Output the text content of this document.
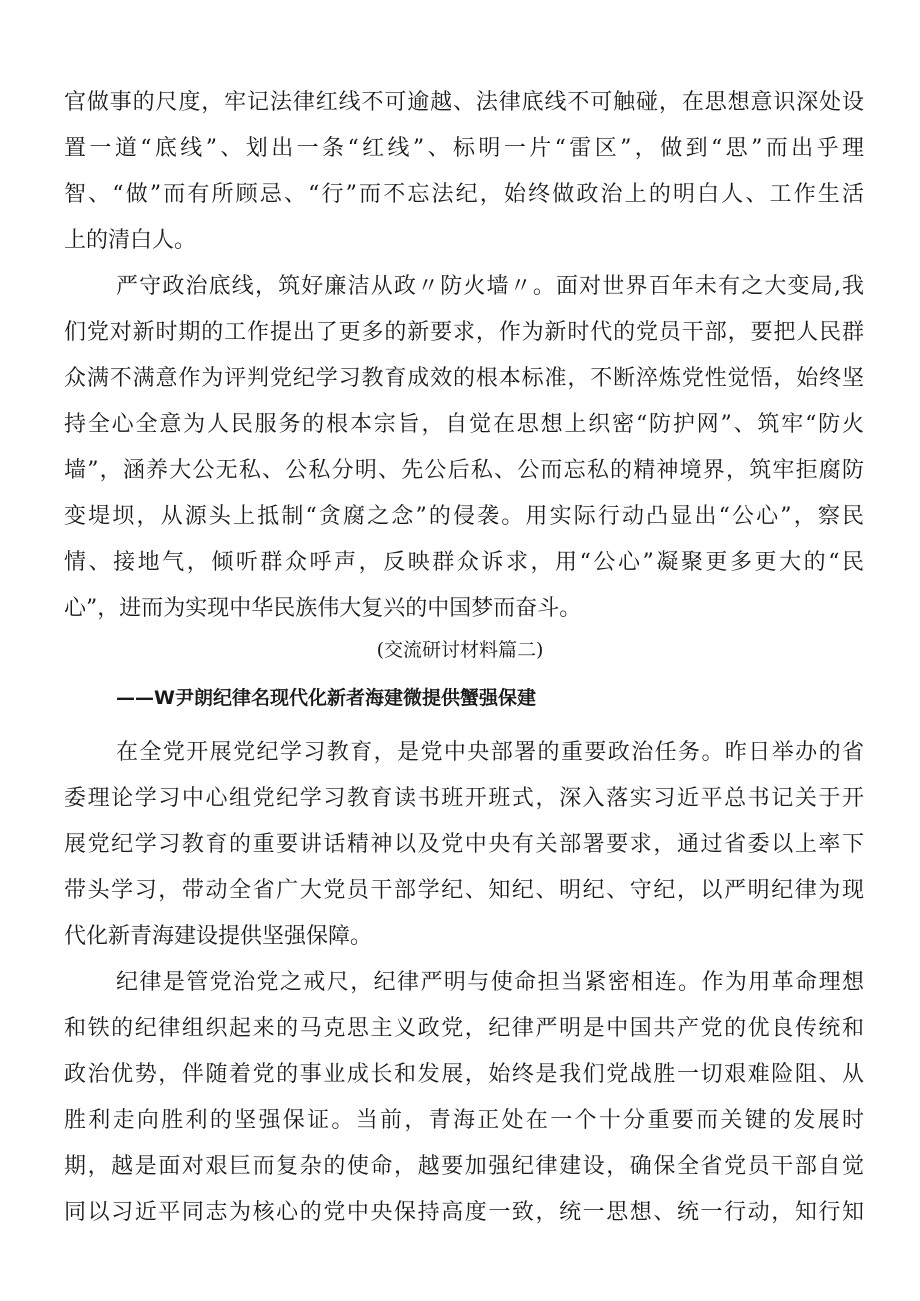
官做事的尺度，牢记法律红线不可逾越、法律底线不可触碰，在思想意识深处设
置一道“底线”、划出一条“红线”、标明一片“雷区”，做到“思”而出乎理
智、“做”而有所顾忌、“行”而不忘法纪，始终做政治上的明白人、工作生活
上的清白人。
严守政治底线，筑好廉洁从政〃防火墙〃。面对世界百年未有之大变局,我
们党对新时期的工作提出了更多的新要求，作为新时代的党员干部，要把人民群
众满不满意作为评判党纪学习教育成效的根本标准，不断淬炼党性觉悟，始终坚
持全心全意为人民服务的根本宗旨，自觉在思想上织密“防护网”、筑牢“防火
墙”，涵养大公无私、公私分明、先公后私、公而忘私的精神境界，筑牢拒腐防
变堤坝，从源头上抵制“贪腐之念”的侵袭。用实际行动凸显出“公心”，察民
情、接地气，倾听群众呼声，反映群众诉求，用“公心”凝聚更多更大的“民
心”，进而为实现中华民族伟大复兴的中国梦而奋斗。
(交流研讨材料篇二)
——W尹朗纪律名现代化新者海建微提供蟹强保建
在全党开展党纪学习教育，是党中央部署的重要政治任务。昨日举办的省
委理论学习中心组党纪学习教育读书班开班式，深入落实习近平总书记关于开
展党纪学习教育的重要讲话精神以及党中央有关部署要求，通过省委以上率下
带头学习，带动全省广大党员干部学纪、知纪、明纪、守纪，以严明纪律为现
代化新青海建设提供坚强保障。
纪律是管党治党之戒尺，纪律严明与使命担当紧密相连。作为用革命理想
和铁的纪律组织起来的马克思主义政党，纪律严明是中国共产党的优良传统和
政治优势，伴随着党的事业成长和发展，始终是我们党战胜一切艰难险阻、从
胜利走向胜利的坚强保证。当前，青海正处在一个十分重要而关键的发展时
期，越是面对艰巨而复杂的使命，越要加强纪律建设，确保全省党员干部自觉
同以习近平同志为核心的党中央保持高度一致，统一思想、统一行动，知行知
